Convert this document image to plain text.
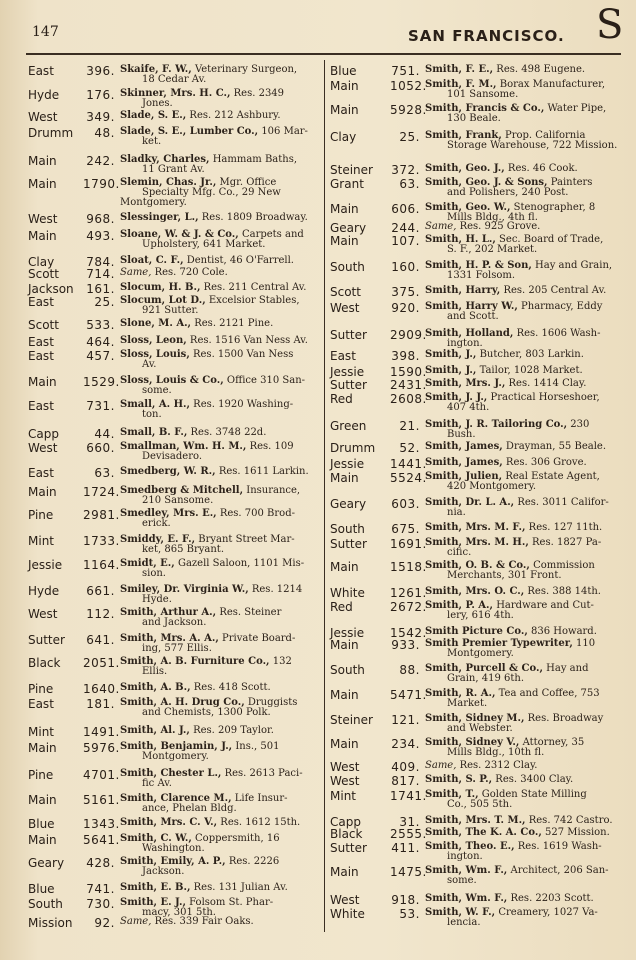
147	SAN FRANCISCO. S
East	396. Skaife, F. W., Veterinary Surgeon,
18 Cedar Av.
Hyde	176. Skinner, Mrs. H. C., Res. 2349
Jones.
West	349. Slade, S. E., Res. 212 Ashbury.
Drumm	48. Slade, S. E., Lumber Co., 106 Mar-
ket.
Main	242. Sladky, Charles, Hammam Baths,
11 Grant Av.
Main	1790. Slemin, Chas. Jr., Mgr. Office
Specialty Mfg. Co., 29 New Montgomery.
West	968. Slessinger, L., Res. 1809 Broadway.
Main	493. Sloane, W. & J. & Co., Carpets and
Upholstery, 641 Market.
Clay	784. Sloat, C. F., Dentist, 46 O'Farrell.
Scott	714. Same, Res. 720 Cole.
Jackson	161. Slocum, H. B., Res. 211 Central Av.
East	25. Slocum, Lot D., Excelsior Stables,
921 Sutter.
Scott	533. Slone, M. A., Res. 2121 Pine.
East	464. Sloss, Leon, Res. 1516 Van Ness Av.
East	457. Sloss, Louis, Res. 1500 Van Ness
Av.
Main	1529. Sloss, Louis & Co., Office 310 San-
some.
East	731. Small, A. H., Res. 1920 Washing-
ton.
Capp	44. Small, B. F., Res. 3748 22d.
West	660. Smallman, Wm. H. M., Res. 109
Devisadero.
East	63. Smedberg, W. R., Res. 1611 Larkin.
Main	1724. Smedberg & Mitchell, Insurance,
210 Sansome.
Pine	2981. Smedley, Mrs. E., Res. 700 Brod-
erick.
Mint	1733. Smiddy, E. F., Bryant Street Mar-
ket, 865 Bryant.
Jessie	1164. Smidt, E., Gazell Saloon, 1101 Mis-
sion.
Hyde	661. Smiley, Dr. Virginia W., Res. 1214
Hyde.
West	112. Smith, Arthur A., Res. Steiner
and Jackson.
Sutter	641. Smith, Mrs. A. A., Private Board-
ing, 577 Ellis.
Black	2051. Smith, A. B. Furniture Co., 132
Ellis.
Pine	1640. Smith, A. B., Res. 418 Scott.
East	181. Smith, A. H. Drug Co., Druggists
and Chemists, 1300 Polk.
Mint	1491. Smith, Al. J., Res. 209 Taylor.
Main	5976. Smith, Benjamin, J., Ins., 501
Montgomery.
Pine	4701. Smith, Chester L., Res. 2613 Paci-
fic Av.
Main	5161. Smith, Clarence M., Life Insur-
ance, Phelan Bldg.
Blue	1343. Smith, Mrs. C. V., Res. 1612 15th.
Main	5641. Smith, C. W., Coppersmith, 16
Washington.
Geary	428. Smith, Emily, A. P., Res. 2226
Jackson.
Blue	741. Smith, E. B., Res. 131 Julian Av.
South	730. Smith, E. J., Folsom St. Phar-
macy, 301 5th.
Mission	92. Same, Res. 339 Fair Oaks.
Blue	751. Smith, F. E., Res. 498 Eugene.
Main	1052.
Smith, F. M., Borax Manufacturer,
101 Sansome.
Main	5928.
Smith, Francis & Co., Water Pipe,
130 Beale.
Clay	25. Smith, Frank, Prop. California
Storage Warehouse, 722 Mission.
Steiner	372. Smith, Geo. J., Res. 46 Cook.
Grant	63. Smith, Geo. J. & Sons, Painters
and Polishers, 240 Post.
Main	606. Smith, Geo. W., Stenographer, 8
Mills Bldg., 4th fl.
Geary	244. Same, Res. 925 Grove.
Main	107. Smith, H. L., Sec. Board of Trade,
S. F., 202 Market.
South	160. Smith, H. P. & Son, Hay and Grain,
1331 Folsom.
Scott	375. Smith, Harry, Res. 205 Central Av.
West	920. Smith, Harry W., Pharmacy, Eddy
and Scott.
Sutter	2909.
Smith, Holland, Res. 1606 Wash-
ington.
East	398. Smith, J., Butcher, 803 Larkin.
Jessie	1590.
Smith, J., Tailor, 1028 Market.
Sutter	2431.
Smith, Mrs. J., Res. 1414 Clay.
Red	2608.
Smith, J. J., Practical Horseshoer,
407 4th.
Green	21. Smith, J. R. Tailoring Co., 230
Bush.
Drumm	52. Smith, James, Drayman, 55 Beale.
Jessie	1441.
Smith, James, Res. 306 Grove.
Main	5524.
Smith, Julien, Real Estate Agent,
420 Montgomery.
Geary	603. Smith, Dr. L. A., Res. 3011 Califor-
nia.
South	675. Smith, Mrs. M. F., Res. 127 11th.
Sutter	1691.
Smith, Mrs. M. H., Res. 1827 Pa-
cific.
Main	1518.
Smith, O. B. & Co., Commission
Merchants, 301 Front.
White	1261.
Smith, Mrs. O. C., Res. 388 14th.
Red	2672.
Smith, P. A., Hardware and Cut-
lery, 616 4th.
Jessie	1542.
Smith Picture Co., 836 Howard.
Main	933. Smith Premier Typewriter, 110
Montgomery.
South	88. Smith, Purcell & Co., Hay and
Grain, 419 6th.
Main	5471.
Smith, R. A., Tea and Coffee, 753
Market.
Steiner	121. Smith, Sidney M., Res. Broadway
and Webster.
Main	234. Smith, Sidney V., Attorney, 35
Mills Bldg., 10th fl.
West	409. Same, Res. 2312 Clay.
West	817. Smith, S. P., Res. 3400 Clay.
Mint	1741.
Smith, T., Golden State Milling
Co., 505 5th.
Capp	31. Smith, Mrs. T. M., Res. 742 Castro.
Black	2555.
Smith, The K. A. Co., 527 Mission.
Sutter	411. Smith, Theo. E., Res. 1619 Wash-
ington.
Main	1475.
Smith, Wm. F., Architect, 206 San-
some.
West	918. Smith, Wm. F., Res. 2203 Scott.
White	53. Smith, W. F., Creamery, 1027 Va-
lencia.
